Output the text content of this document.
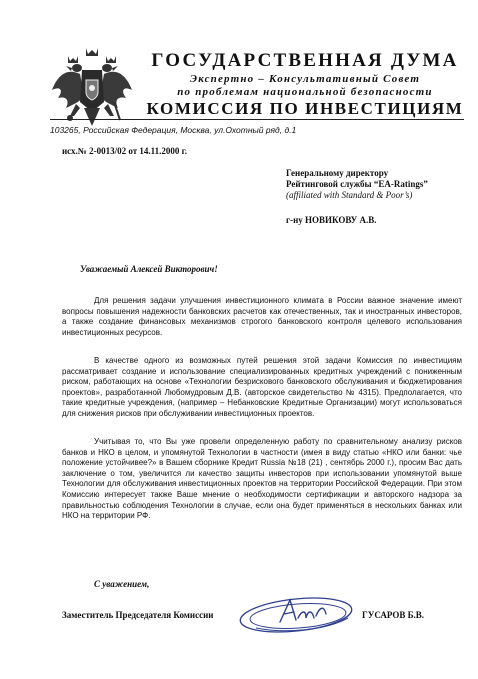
ГОСУДАРСТВЕННАЯ ДУМА
Экспертно – Консультативный Совет
по проблемам национальной безопасности
КОМИССИЯ ПО ИНВЕСТИЦИЯМ
103265, Российская Федерация, Москва, ул.Охотный ряд, д.1
исх.№ 2-0013/02 от 14.11.2000 г.
Генеральному директору
Рейтинговой службы “EA-Ratings”
(affiliated with Standard & Poor’s)
г-ну НОВИКОВУ А.В.
Уважаемый Алексей Викторович!

Для решения задачи улучшения инвестиционного климата в России важное значение имеют вопросы повышения надежности банковских расчетов как отечественных, так и иностранных инвесторов, а также создание финансовых механизмов строгого банковского контроля целевого использования инвестиционных ресурсов.

В качестве одного из возможных путей решения этой задачи Комиссия по инвестициям рассматривает создание и использование специализированных кредитных учреждений с пониженным риском, работающих на основе «Технологии безрискового банковского обслуживания и бюджетирования проектов», разработанной Любомудровым Д.В. (авторское свидетельство № 4315). Предполагается, что такие кредитные учреждения, (например – Небанковские Кредитные Организации) могут использоваться для снижения рисков при обслуживании инвестиционных проектов.

Учитывая то, что Вы уже провели определенную работу по сравнительному анализу рисков банков и НКО в целом, и упомянутой Технологии в частности (имея в виду статью «НКО или банки: чье положение устойчивее?» в Вашем сборнике Кредит Russia №18 (21) , сентябрь 2000 г.), просим Вас дать заключение о том, увеличится ли качество защиты инвесторов при использовании упомянутой выше Технологии для обслуживания инвестиционных проектов на территории Российской Федерации. При этом Комиссию интересует также Ваше мнение о необходимости сертификации и авторского надзора за правильностью соблюдения Технологии в случае, если она будет применяться в нескольких банках или НКО на территории РФ.

С уважением,
Заместитель Председателя Комиссии	ГУСАРОВ Б.В.
